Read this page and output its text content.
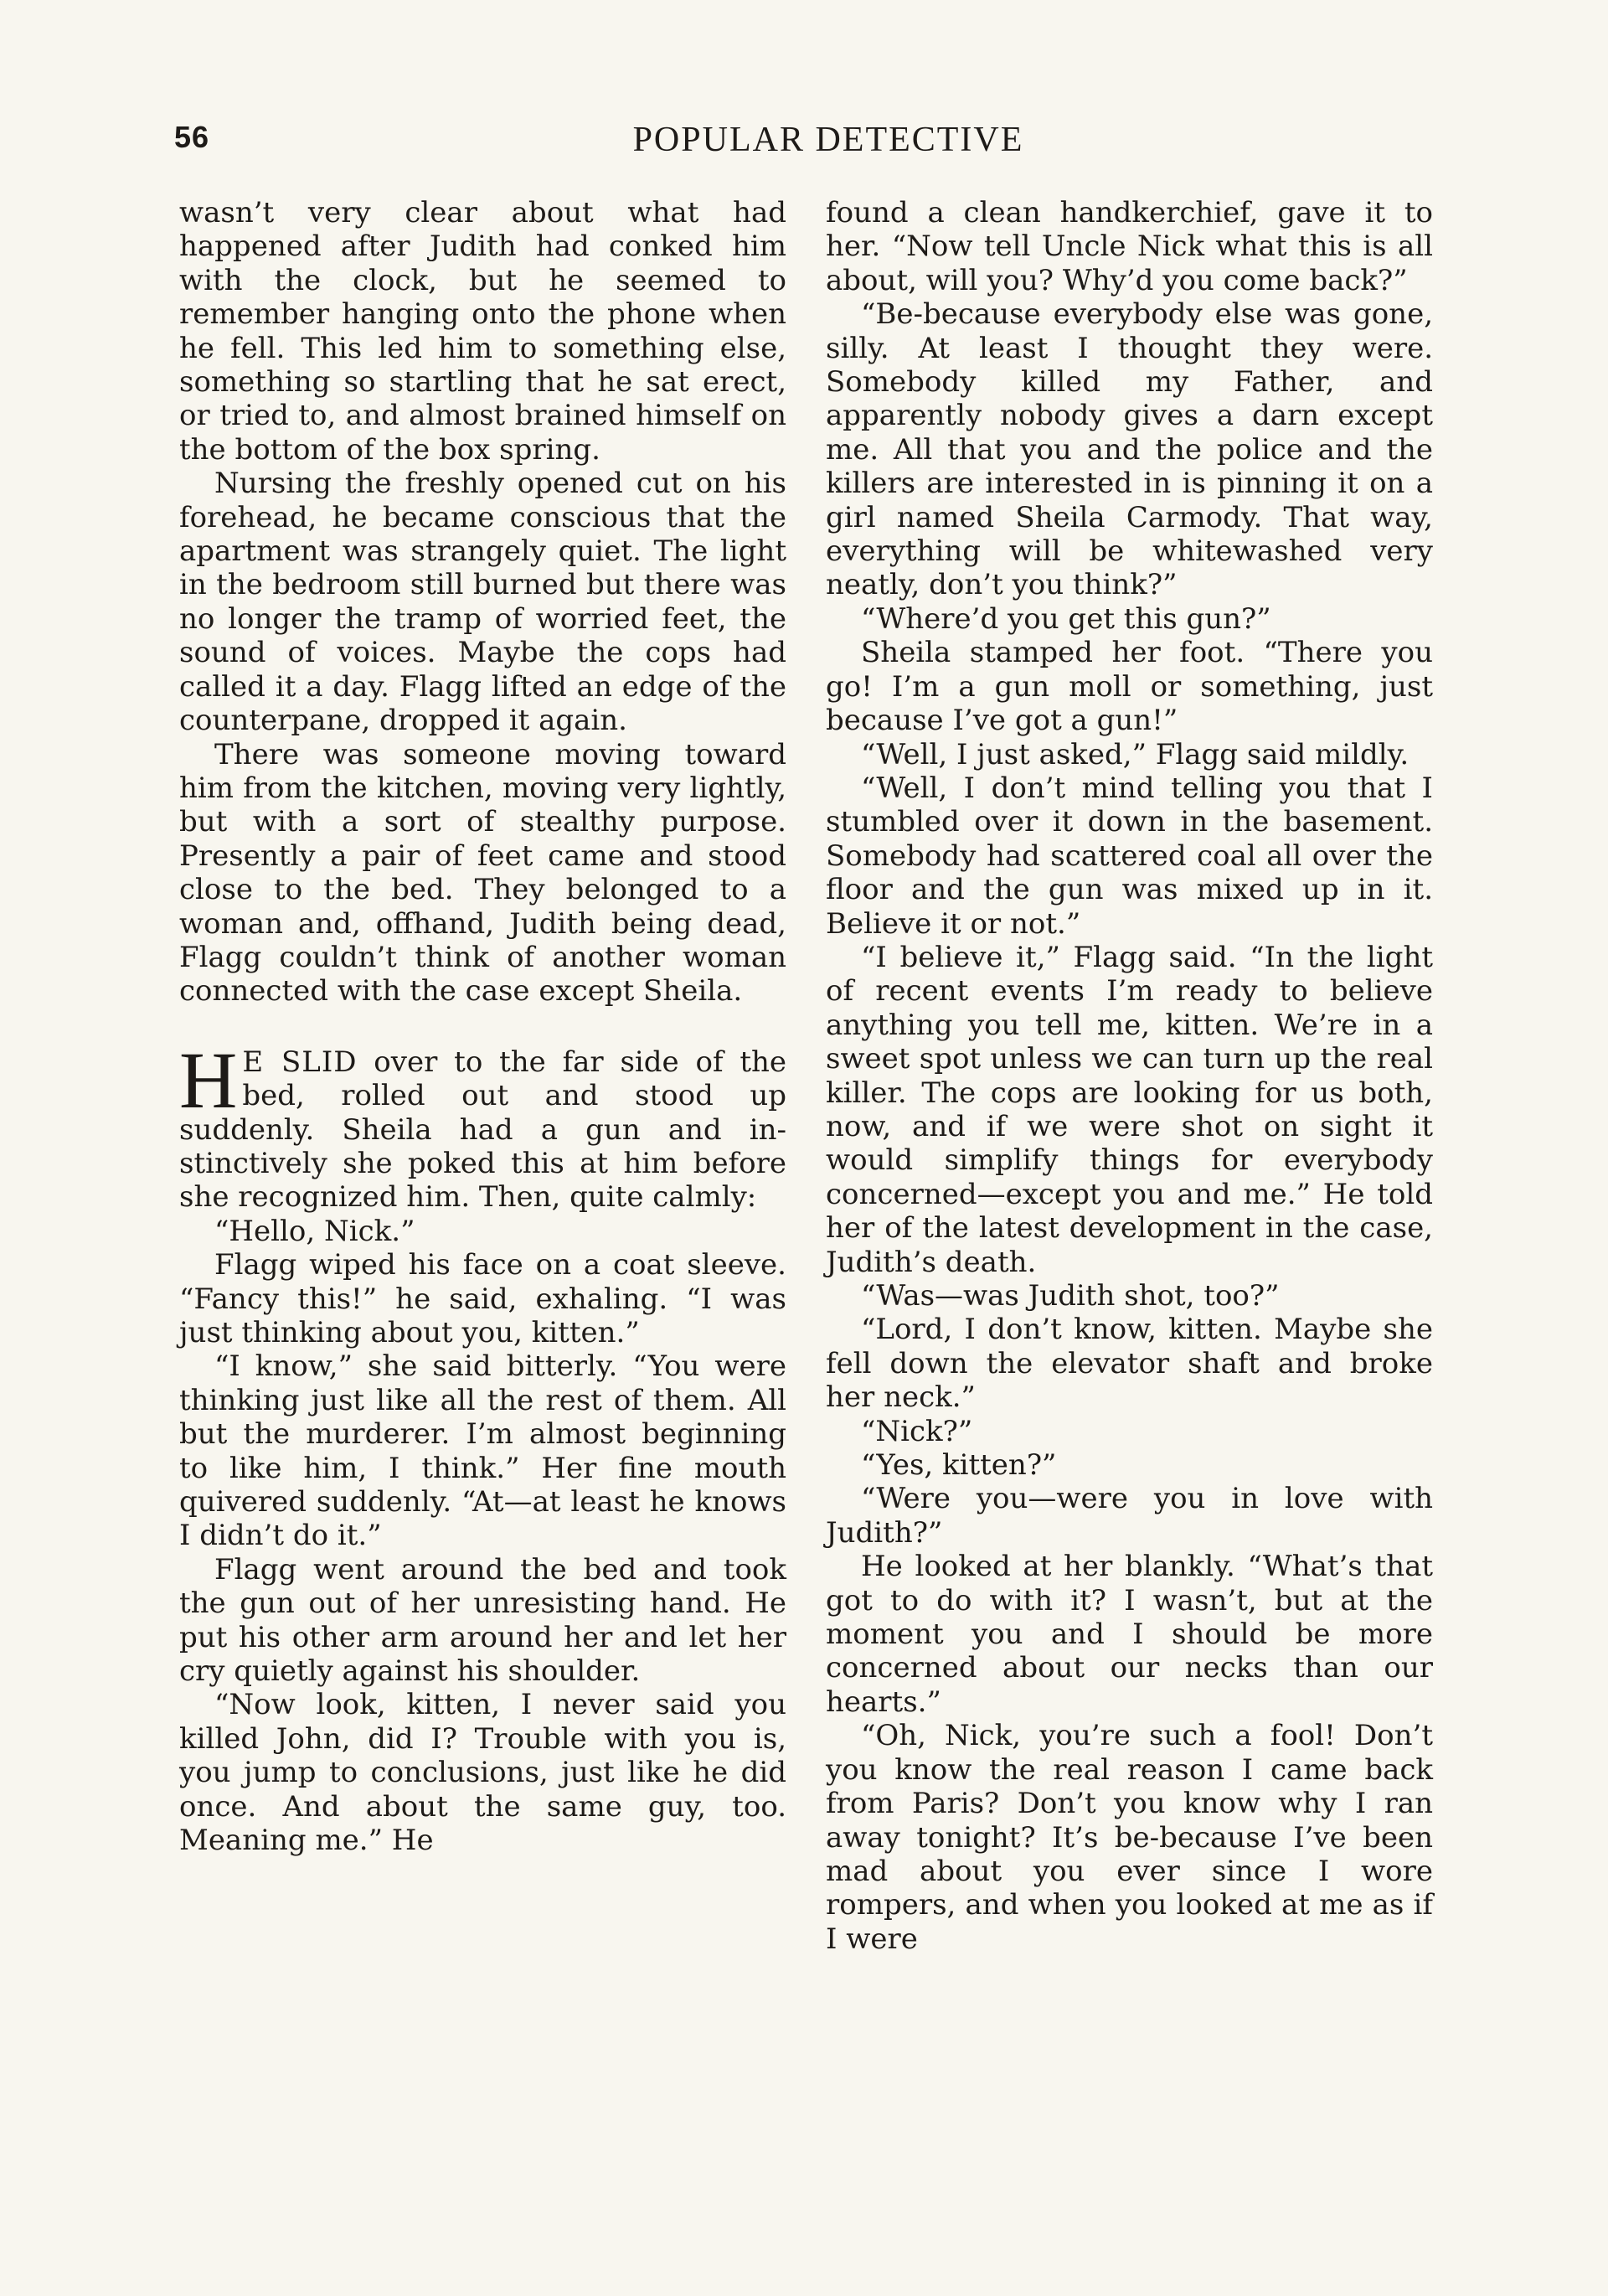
56	POPULAR DETECTIVE

wasn’t very clear about what had happened after Judith had conked him with the clock, but he seemed to remember hanging onto the phone when he fell. This led him to something else, something so startling that he sat erect, or tried to, and almost brained himself on the bottom of the box spring.

Nursing the freshly opened cut on his forehead, he became conscious that the apartment was strangely quiet. The light in the bedroom still burned but there was no longer the tramp of worried feet, the sound of voices. Maybe the cops had called it a day. Flagg lifted an edge of the counterpane, dropped it again.

There was someone moving toward him from the kitchen, moving very lightly, but with a sort of stealthy purpose. Presently a pair of feet came and stood close to the bed. They belonged to a woman and, offhand, Judith being dead, Flagg couldn’t think of another woman connected with the case except Sheila.

H E SLID over to the far side of the bed, rolled out and stood up suddenly. Sheila had a gun and instinctively she poked this at him before she recognized him. Then, quite calmly:

“Hello, Nick.”

Flagg wiped his face on a coat sleeve. “Fancy this!” he said, exhaling. “I was just thinking about you, kitten.”

“I know,” she said bitterly. “You were thinking just like all the rest of them. All but the murderer. I’m almost beginning to like him, I think.” Her fine mouth quivered suddenly. “At—at least he knows I didn’t do it.”

Flagg went around the bed and took the gun out of her unresisting hand. He put his other arm around her and let her cry quietly against his shoulder.

“Now look, kitten, I never said you killed John, did I? Trouble with you is, you jump to conclusions, just like he did once. And about the same guy, too. Meaning me.” He

found a clean handkerchief, gave it to her. “Now tell Uncle Nick what this is all about, will you? Why’d you come back?”

“Be-because everybody else was gone, silly. At least I thought they were. Somebody killed my Father, and apparently nobody gives a darn except me. All that you and the police and the killers are interested in is pinning it on a girl named Sheila Carmody. That way, everything will be whitewashed very neatly, don’t you think?”

“Where’d you get this gun?”

Sheila stamped her foot. “There you go! I’m a gun moll or something, just because I’ve got a gun!”

“Well, I just asked,” Flagg said mildly.

“Well, I don’t mind telling you that I stumbled over it down in the basement. Somebody had scattered coal all over the floor and the gun was mixed up in it. Believe it or not.”

“I believe it,” Flagg said. “In the light of recent events I’m ready to believe anything you tell me, kitten. We’re in a sweet spot unless we can turn up the real killer. The cops are looking for us both, now, and if we were shot on sight it would simplify things for everybody concerned—except you and me.” He told her of the latest development in the case, Judith’s death.

“Was—was Judith shot, too?”

“Lord, I don’t know, kitten. Maybe she fell down the elevator shaft and broke her neck.”

“Nick?”

“Yes, kitten?”

“Were you—were you in love with Judith?”

He looked at her blankly. “What’s that got to do with it? I wasn’t, but at the moment you and I should be more concerned about our necks than our hearts.”

“Oh, Nick, you’re such a fool! Don’t you know the real reason I came back from Paris? Don’t you know why I ran away tonight? It’s be-because I’ve been mad about you ever since I wore rompers, and when you looked at me as if I were
